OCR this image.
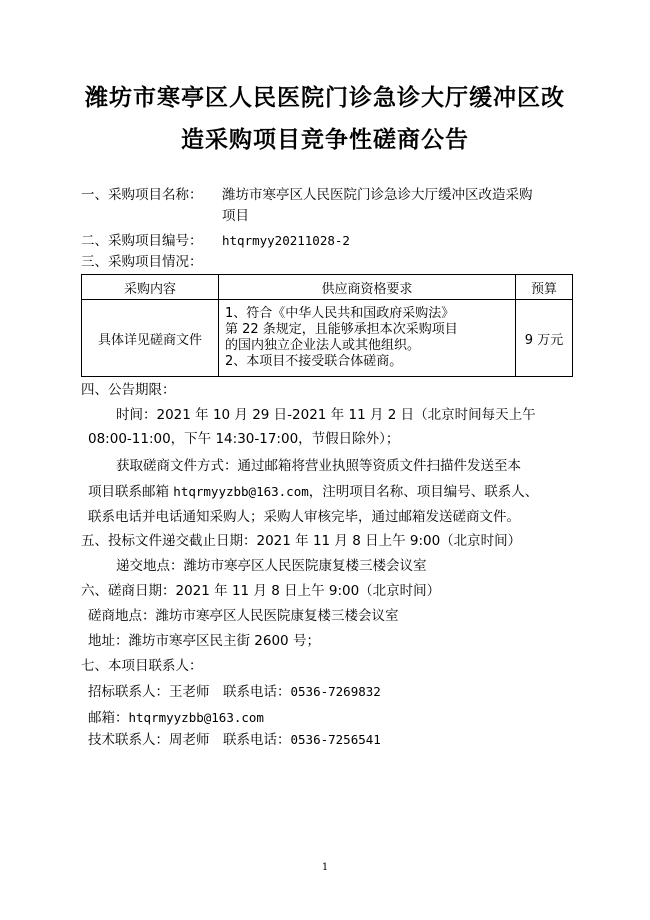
潍坊市寒亭区人民医院门诊急诊大厅缓冲区改
造采购项目竞争性磋商公告
一、采购项目名称： 潍坊市寒亭区人民医院门诊急诊大厅缓冲区改造采购
项目
二、采购项目编号： htqrmyy20211028-2
三、采购项目情况：
采购内容	供应商资格要求	预算
具体详见磋商文件	1、符合《中华人民共和国政府采购法》
第 22 条规定，且能够承担本次采购项目
的国内独立企业法人或其他组织。
2、本项目不接受联合体磋商。	9 万元
四、公告期限：
时间：2021 年 10 月 29 日-2021 年 11 月 2 日（北京时间每天上午
08:00-11:00，下午 14:30-17:00，节假日除外）；
获取磋商文件方式：通过邮箱将营业执照等资质文件扫描件发送至本
项目联系邮箱 htqrmyyzbb@163.com，注明项目名称、项目编号、联系人、
联系电话并电话通知采购人；采购人审核完毕，通过邮箱发送磋商文件。
五、投标文件递交截止日期：2021 年 11 月 8 日上午 9:00（北京时间）
递交地点：潍坊市寒亭区人民医院康复楼三楼会议室
六、磋商日期：2021 年 11 月 8 日上午 9:00（北京时间）
磋商地点：潍坊市寒亭区人民医院康复楼三楼会议室
地址：潍坊市寒亭区民主街 2600 号；
七、本项目联系人：
招标联系人：王老师　联系电话：0536-7269832
邮箱：htqrmyyzbb@163.com
技术联系人：周老师　联系电话：0536-7256541
1
